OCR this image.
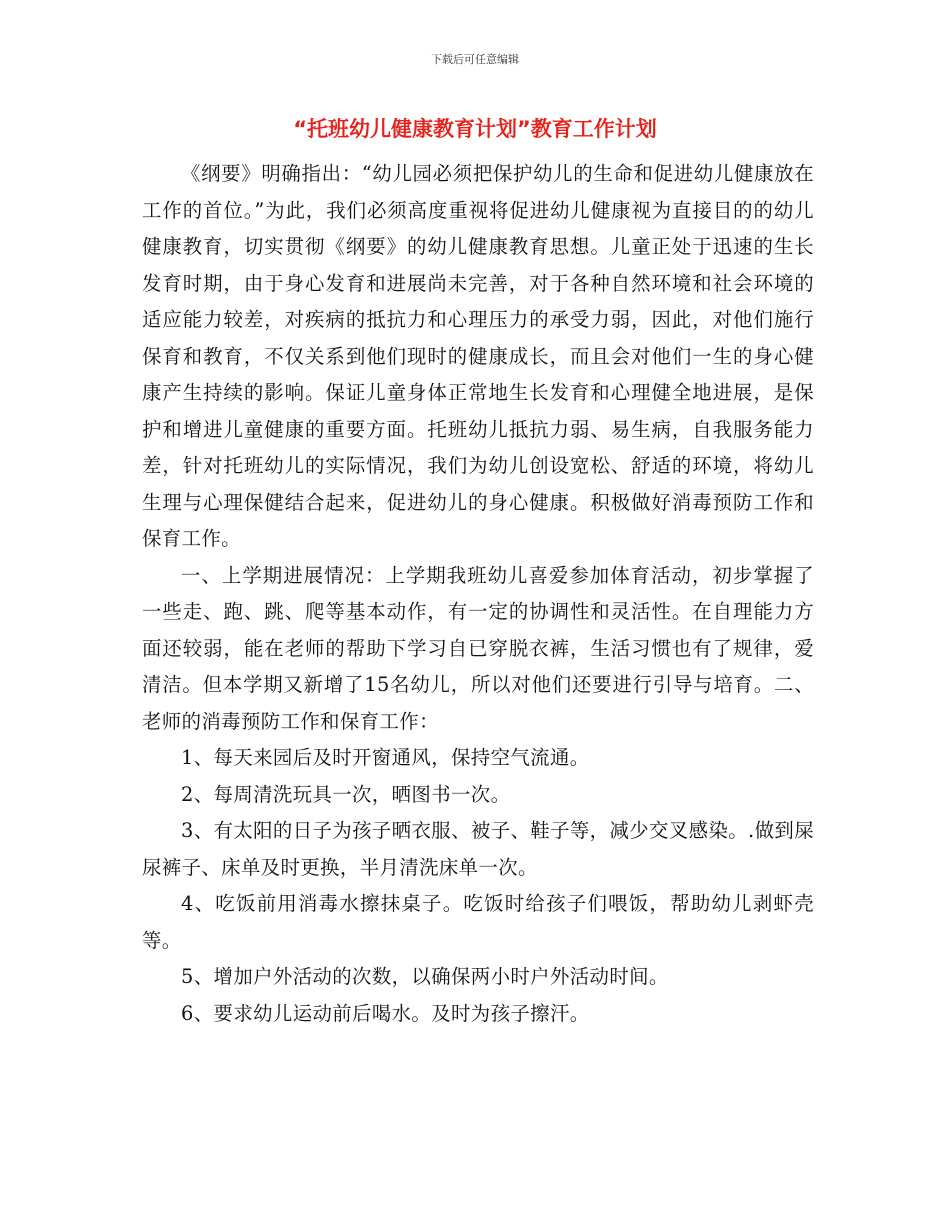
下载后可任意编辑
“托班幼儿健康教育计划”教育工作计划

《纲要》明确指出：“幼儿园必须把保护幼儿的生命和促进幼儿健康放在工作的首位。”为此，我们必须高度重视将促进幼儿健康视为直接目的的幼儿健康教育，切实贯彻《纲要》的幼儿健康教育思想。儿童正处于迅速的生长发育时期，由于身心发育和进展尚未完善，对于各种自然环境和社会环境的适应能力较差，对疾病的抵抗力和心理压力的承受力弱，因此，对他们施行保育和教育，不仅关系到他们现时的健康成长，而且会对他们一生的身心健康产生持续的影响。保证儿童身体正常地生长发育和心理健全地进展，是保护和增进儿童健康的重要方面。托班幼儿抵抗力弱、易生病，自我服务能力差，针对托班幼儿的实际情况，我们为幼儿创设宽松、舒适的环境，将幼儿生理与心理保健结合起来，促进幼儿的身心健康。积极做好消毒预防工作和保育工作。

一、上学期进展情况：上学期我班幼儿喜爱参加体育活动，初步掌握了一些走、跑、跳、爬等基本动作，有一定的协调性和灵活性。在自理能力方面还较弱，能在老师的帮助下学习自已穿脱衣裤，生活习惯也有了规律，爱清洁。但本学期又新增了15名幼儿，所以对他们还要进行引导与培育。二、老师的消毒预防工作和保育工作：

1、每天来园后及时开窗通风，保持空气流通。

2、每周清洗玩具一次，晒图书一次。

3、有太阳的日子为孩子晒衣服、被子、鞋子等，减少交叉感染。.做到屎尿裤子、床单及时更换，半月清洗床单一次。

4、吃饭前用消毒水擦抹桌子。吃饭时给孩子们喂饭，帮助幼儿剥虾壳等。

5、增加户外活动的次数，以确保两小时户外活动时间。

6、要求幼儿运动前后喝水。及时为孩子擦汗。
